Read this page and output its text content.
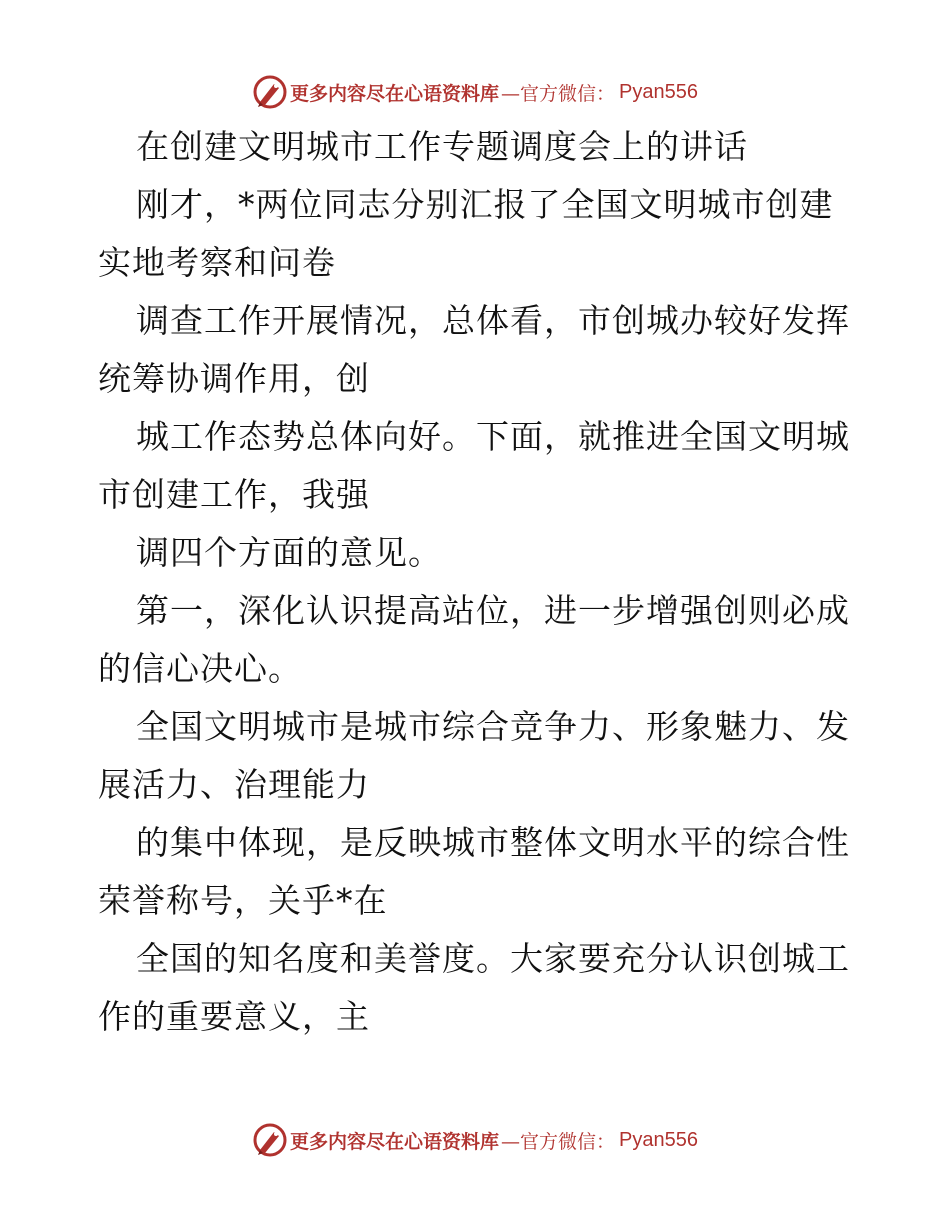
更多内容尽在心语资料库 —官方微信： Pyan556
在创建文明城市工作专题调度会上的讲话
刚才，*两位同志分别汇报了全国文明城市创建
实地考察和问卷
调查工作开展情况，总体看，市创城办较好发挥
统筹协调作用，创
城工作态势总体向好。下面，就推进全国文明城
市创建工作，我强
调四个方面的意见。
第一，深化认识提高站位，进一步增强创则必成
的信心决心。
全国文明城市是城市综合竞争力、形象魅力、发
展活力、治理能力
的集中体现，是反映城市整体文明水平的综合性
荣誉称号，关乎*在
全国的知名度和美誉度。大家要充分认识创城工
作的重要意义，主
更多内容尽在心语资料库 —官方微信： Pyan556
